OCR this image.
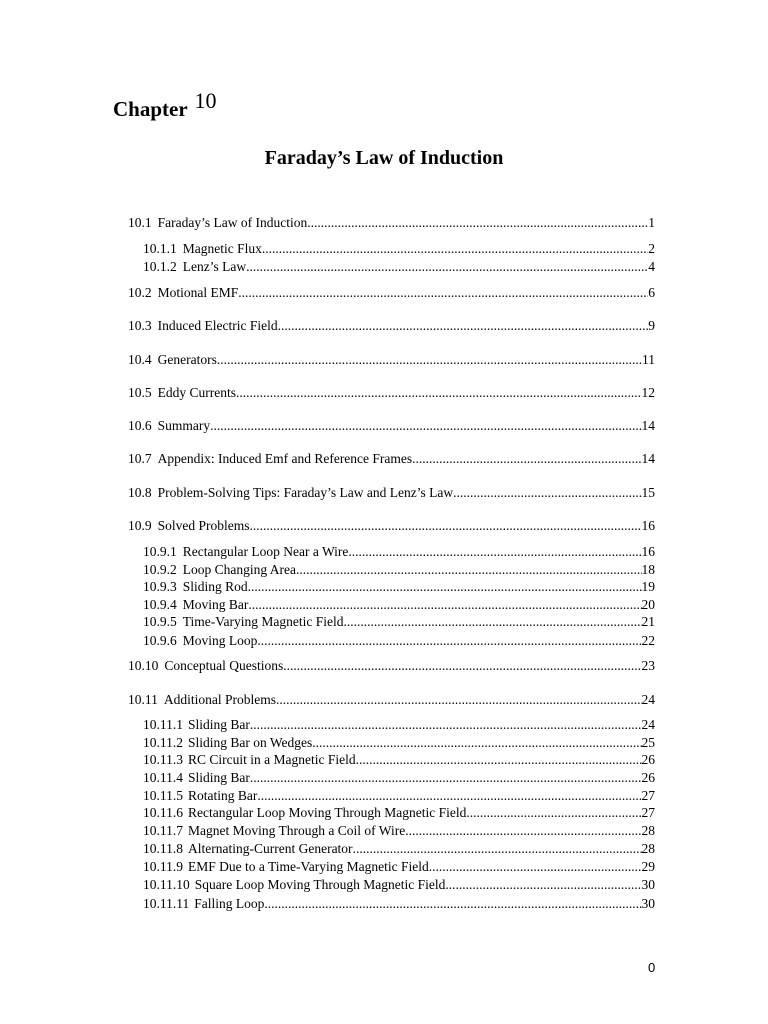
Chapter 10
Faraday’s Law of Induction
10.1 Faraday’s Law of Induction .....	1
10.1.1 Magnetic Flux .....	2
10.1.2 Lenz’s Law .....	4
10.2 Motional EMF .....	6
10.3 Induced Electric Field .....	9
10.4 Generators .....	11
10.5 Eddy Currents .....	12
10.6 Summary .....	14
10.7 Appendix: Induced Emf and Reference Frames .....	14
10.8 Problem-Solving Tips: Faraday’s Law and Lenz’s Law .....	15
10.9 Solved Problems .....	16
10.9.1 Rectangular Loop Near a Wire .....	16
10.9.2 Loop Changing Area .....	18
10.9.3 Sliding Rod .....	19
10.9.4 Moving Bar .....	20
10.9.5 Time-Varying Magnetic Field .....	21
10.9.6 Moving Loop .....	22
10.10 Conceptual Questions .....	23
10.11 Additional Problems .....	24
10.11.1 Sliding Bar .....	24
10.11.2 Sliding Bar on Wedges .....	25
10.11.3 RC Circuit in a Magnetic Field .....	26
10.11.4 Sliding Bar .....	26
10.11.5 Rotating Bar .....	27
10.11.6 Rectangular Loop Moving Through Magnetic Field .....	27
10.11.7 Magnet Moving Through a Coil of Wire .....	28
10.11.8 Alternating-Current Generator .....	28
10.11.9 EMF Due to a Time-Varying Magnetic Field .....	29
10.11.10 Square Loop Moving Through Magnetic Field .....	30
10.11.11 Falling Loop .....	30
0
